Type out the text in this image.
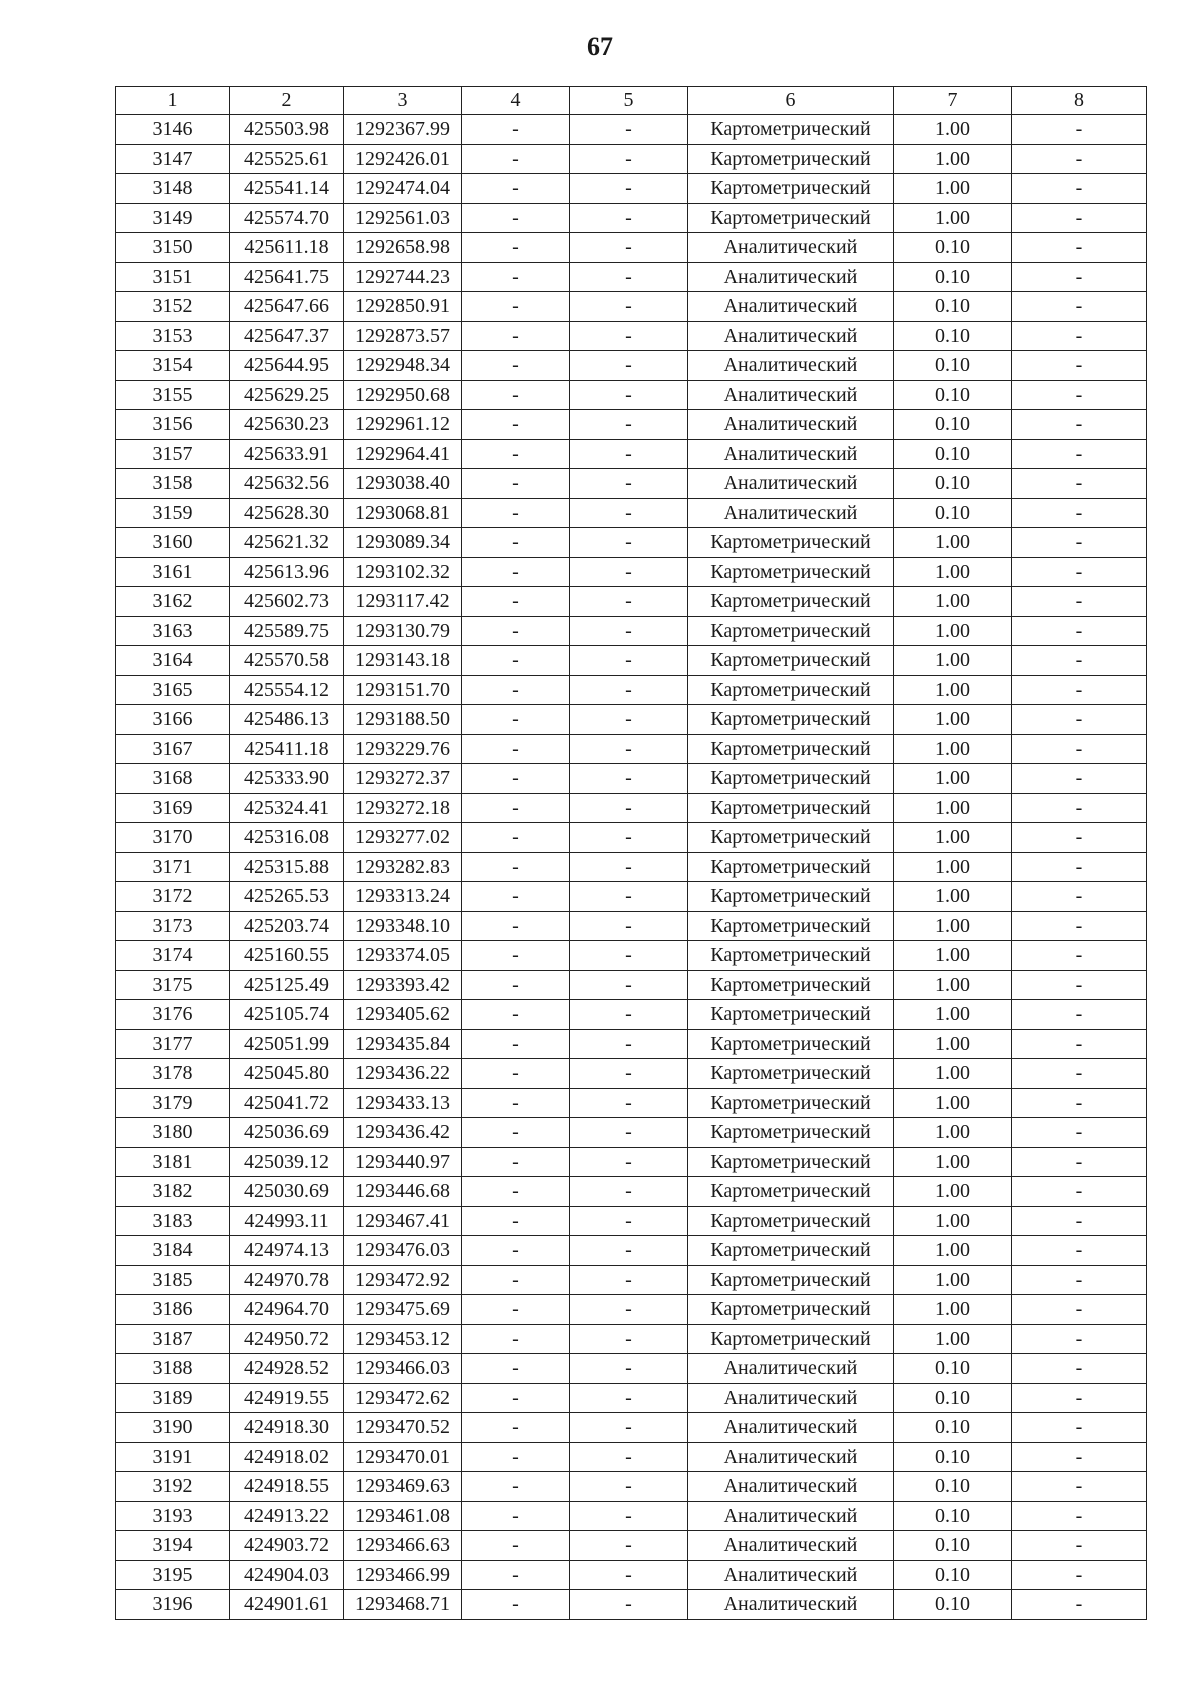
67
1	2	3	4	5	6	7	8
3146	425503.98	1292367.99	-	-	Картометрический	1.00	-
3147	425525.61	1292426.01	-	-	Картометрический	1.00	-
3148	425541.14	1292474.04	-	-	Картометрический	1.00	-
3149	425574.70	1292561.03	-	-	Картометрический	1.00	-
3150	425611.18	1292658.98	-	-	Аналитический	0.10	-
3151	425641.75	1292744.23	-	-	Аналитический	0.10	-
3152	425647.66	1292850.91	-	-	Аналитический	0.10	-
3153	425647.37	1292873.57	-	-	Аналитический	0.10	-
3154	425644.95	1292948.34	-	-	Аналитический	0.10	-
3155	425629.25	1292950.68	-	-	Аналитический	0.10	-
3156	425630.23	1292961.12	-	-	Аналитический	0.10	-
3157	425633.91	1292964.41	-	-	Аналитический	0.10	-
3158	425632.56	1293038.40	-	-	Аналитический	0.10	-
3159	425628.30	1293068.81	-	-	Аналитический	0.10	-
3160	425621.32	1293089.34	-	-	Картометрический	1.00	-
3161	425613.96	1293102.32	-	-	Картометрический	1.00	-
3162	425602.73	1293117.42	-	-	Картометрический	1.00	-
3163	425589.75	1293130.79	-	-	Картометрический	1.00	-
3164	425570.58	1293143.18	-	-	Картометрический	1.00	-
3165	425554.12	1293151.70	-	-	Картометрический	1.00	-
3166	425486.13	1293188.50	-	-	Картометрический	1.00	-
3167	425411.18	1293229.76	-	-	Картометрический	1.00	-
3168	425333.90	1293272.37	-	-	Картометрический	1.00	-
3169	425324.41	1293272.18	-	-	Картометрический	1.00	-
3170	425316.08	1293277.02	-	-	Картометрический	1.00	-
3171	425315.88	1293282.83	-	-	Картометрический	1.00	-
3172	425265.53	1293313.24	-	-	Картометрический	1.00	-
3173	425203.74	1293348.10	-	-	Картометрический	1.00	-
3174	425160.55	1293374.05	-	-	Картометрический	1.00	-
3175	425125.49	1293393.42	-	-	Картометрический	1.00	-
3176	425105.74	1293405.62	-	-	Картометрический	1.00	-
3177	425051.99	1293435.84	-	-	Картометрический	1.00	-
3178	425045.80	1293436.22	-	-	Картометрический	1.00	-
3179	425041.72	1293433.13	-	-	Картометрический	1.00	-
3180	425036.69	1293436.42	-	-	Картометрический	1.00	-
3181	425039.12	1293440.97	-	-	Картометрический	1.00	-
3182	425030.69	1293446.68	-	-	Картометрический	1.00	-
3183	424993.11	1293467.41	-	-	Картометрический	1.00	-
3184	424974.13	1293476.03	-	-	Картометрический	1.00	-
3185	424970.78	1293472.92	-	-	Картометрический	1.00	-
3186	424964.70	1293475.69	-	-	Картометрический	1.00	-
3187	424950.72	1293453.12	-	-	Картометрический	1.00	-
3188	424928.52	1293466.03	-	-	Аналитический	0.10	-
3189	424919.55	1293472.62	-	-	Аналитический	0.10	-
3190	424918.30	1293470.52	-	-	Аналитический	0.10	-
3191	424918.02	1293470.01	-	-	Аналитический	0.10	-
3192	424918.55	1293469.63	-	-	Аналитический	0.10	-
3193	424913.22	1293461.08	-	-	Аналитический	0.10	-
3194	424903.72	1293466.63	-	-	Аналитический	0.10	-
3195	424904.03	1293466.99	-	-	Аналитический	0.10	-
3196	424901.61	1293468.71	-	-	Аналитический	0.10	-
